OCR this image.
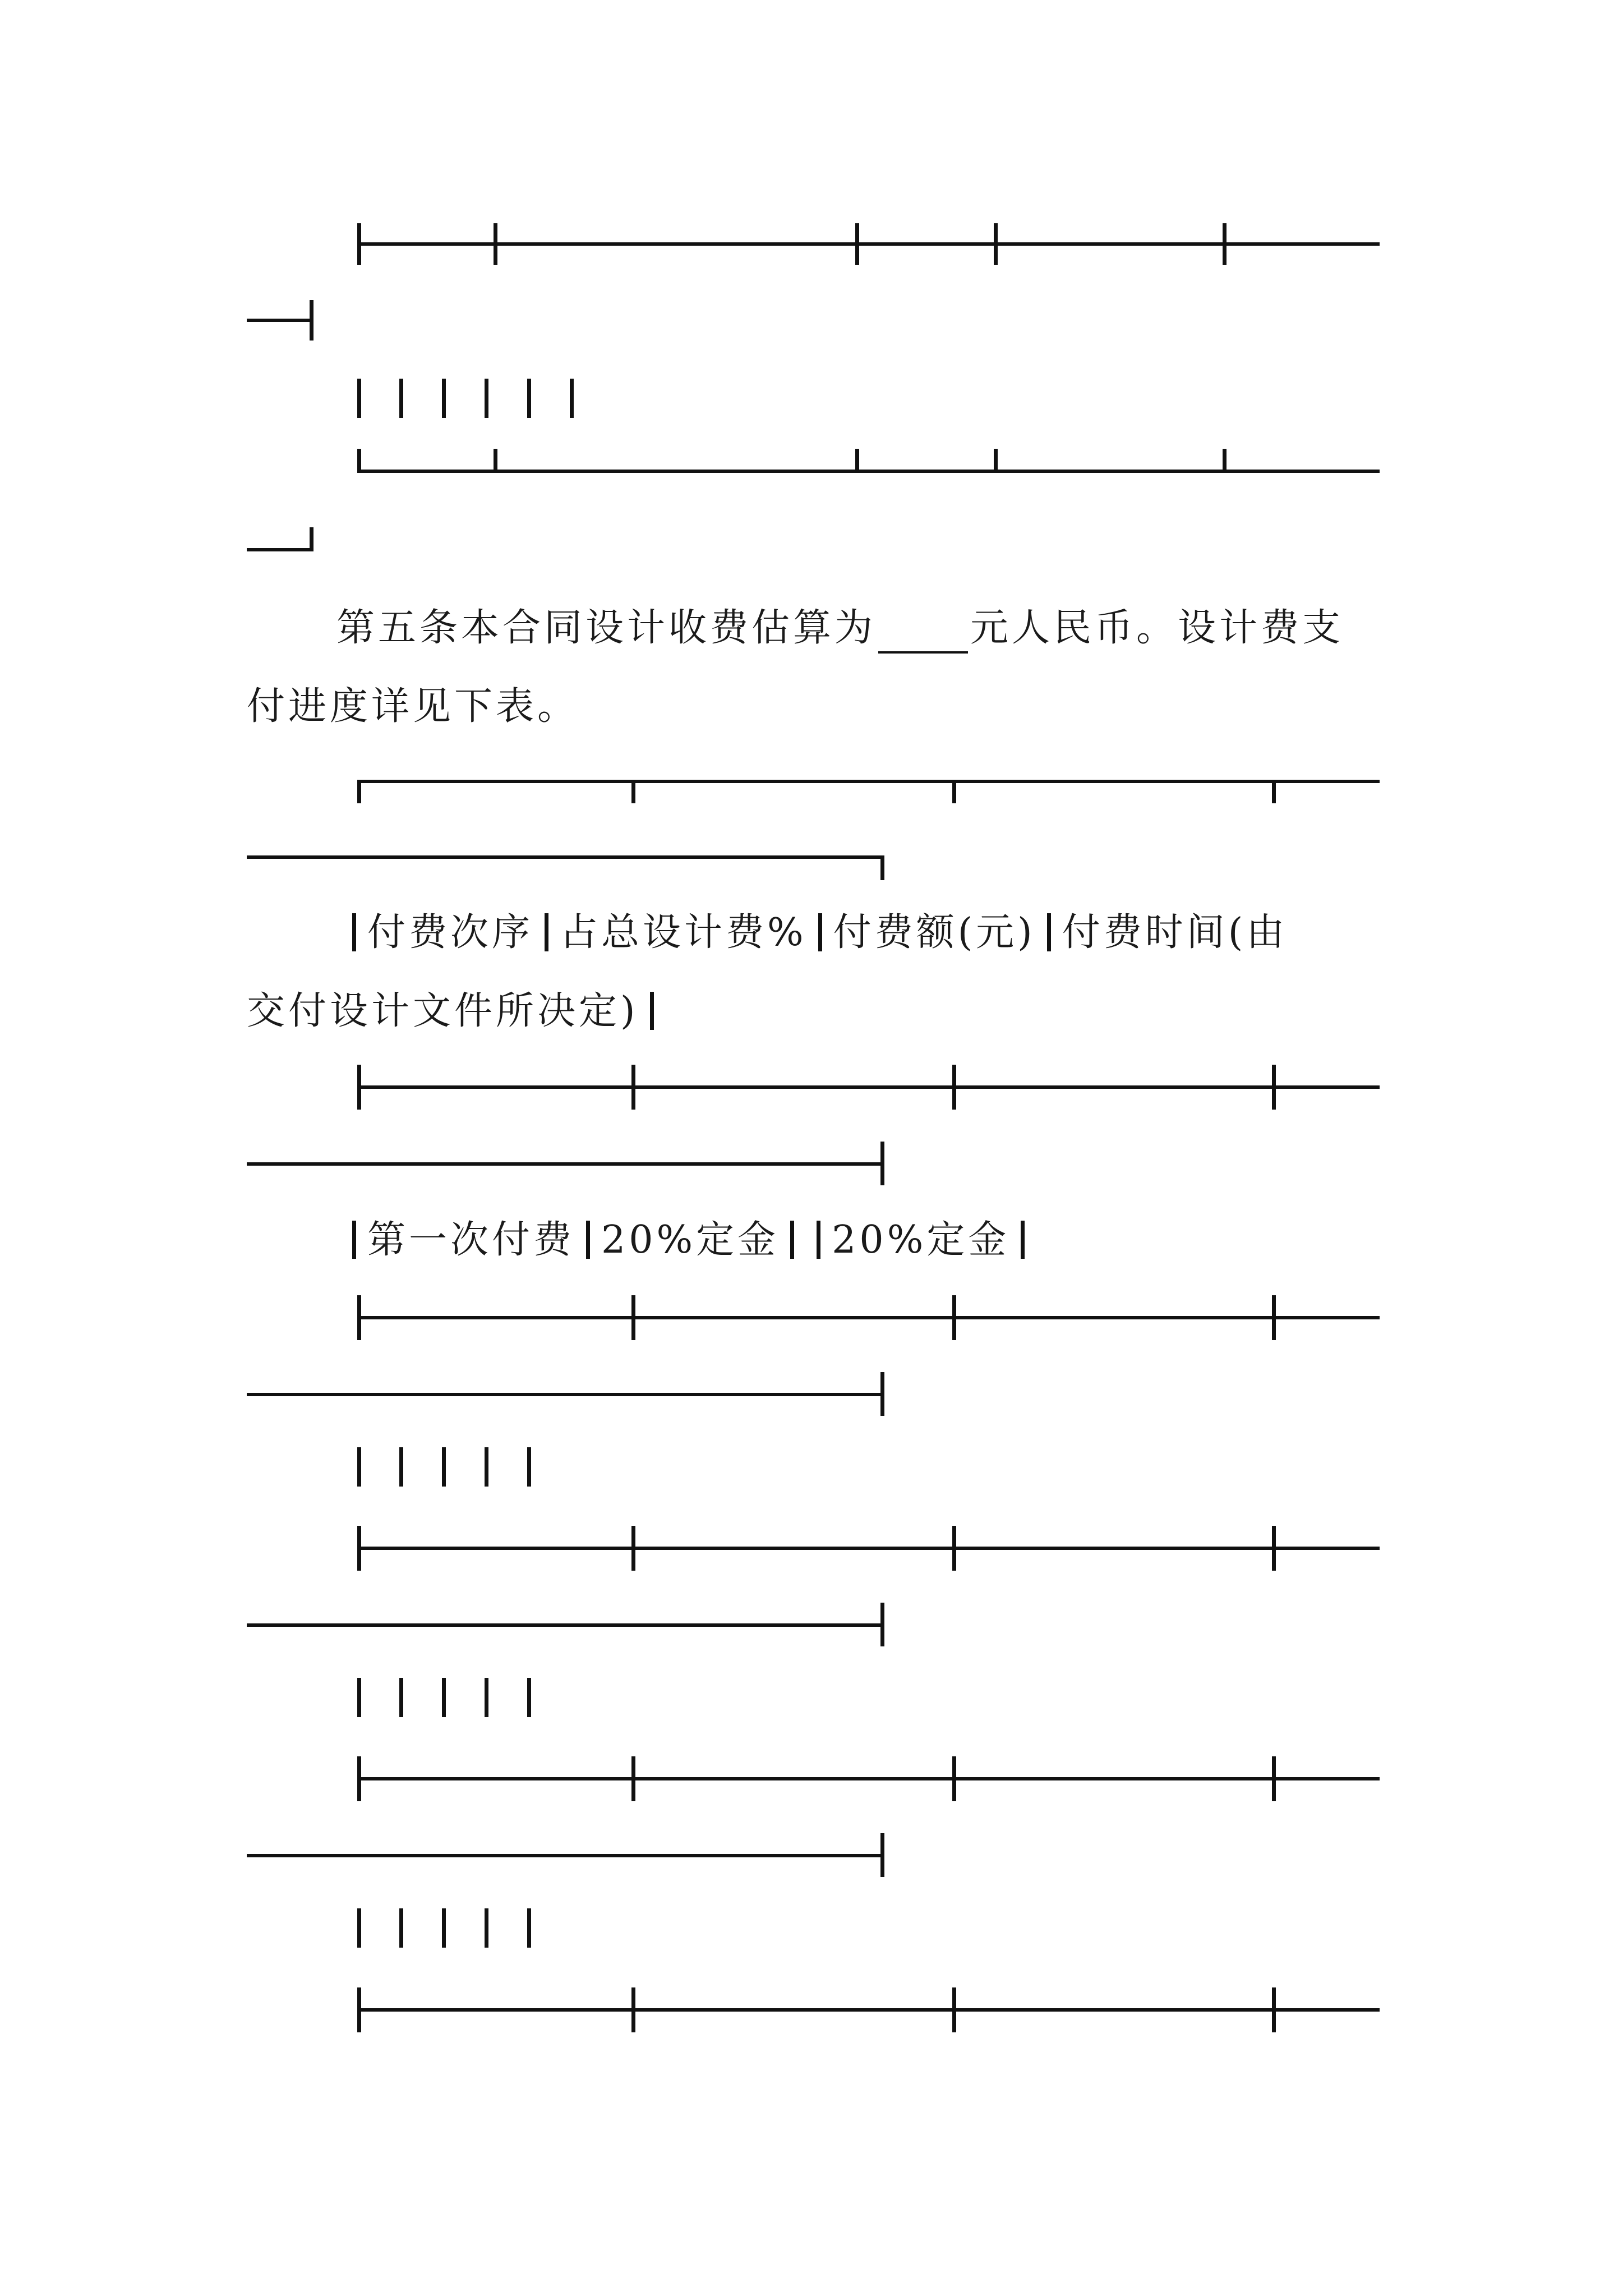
第五条本合同设计收费估算为 元人民币。设计费支
付进度详见下表。
付费次序 占总设计费% 付费额(元) 付费时间(由
交付设计文件所决定)
第一次付费 20%定金 20%定金
